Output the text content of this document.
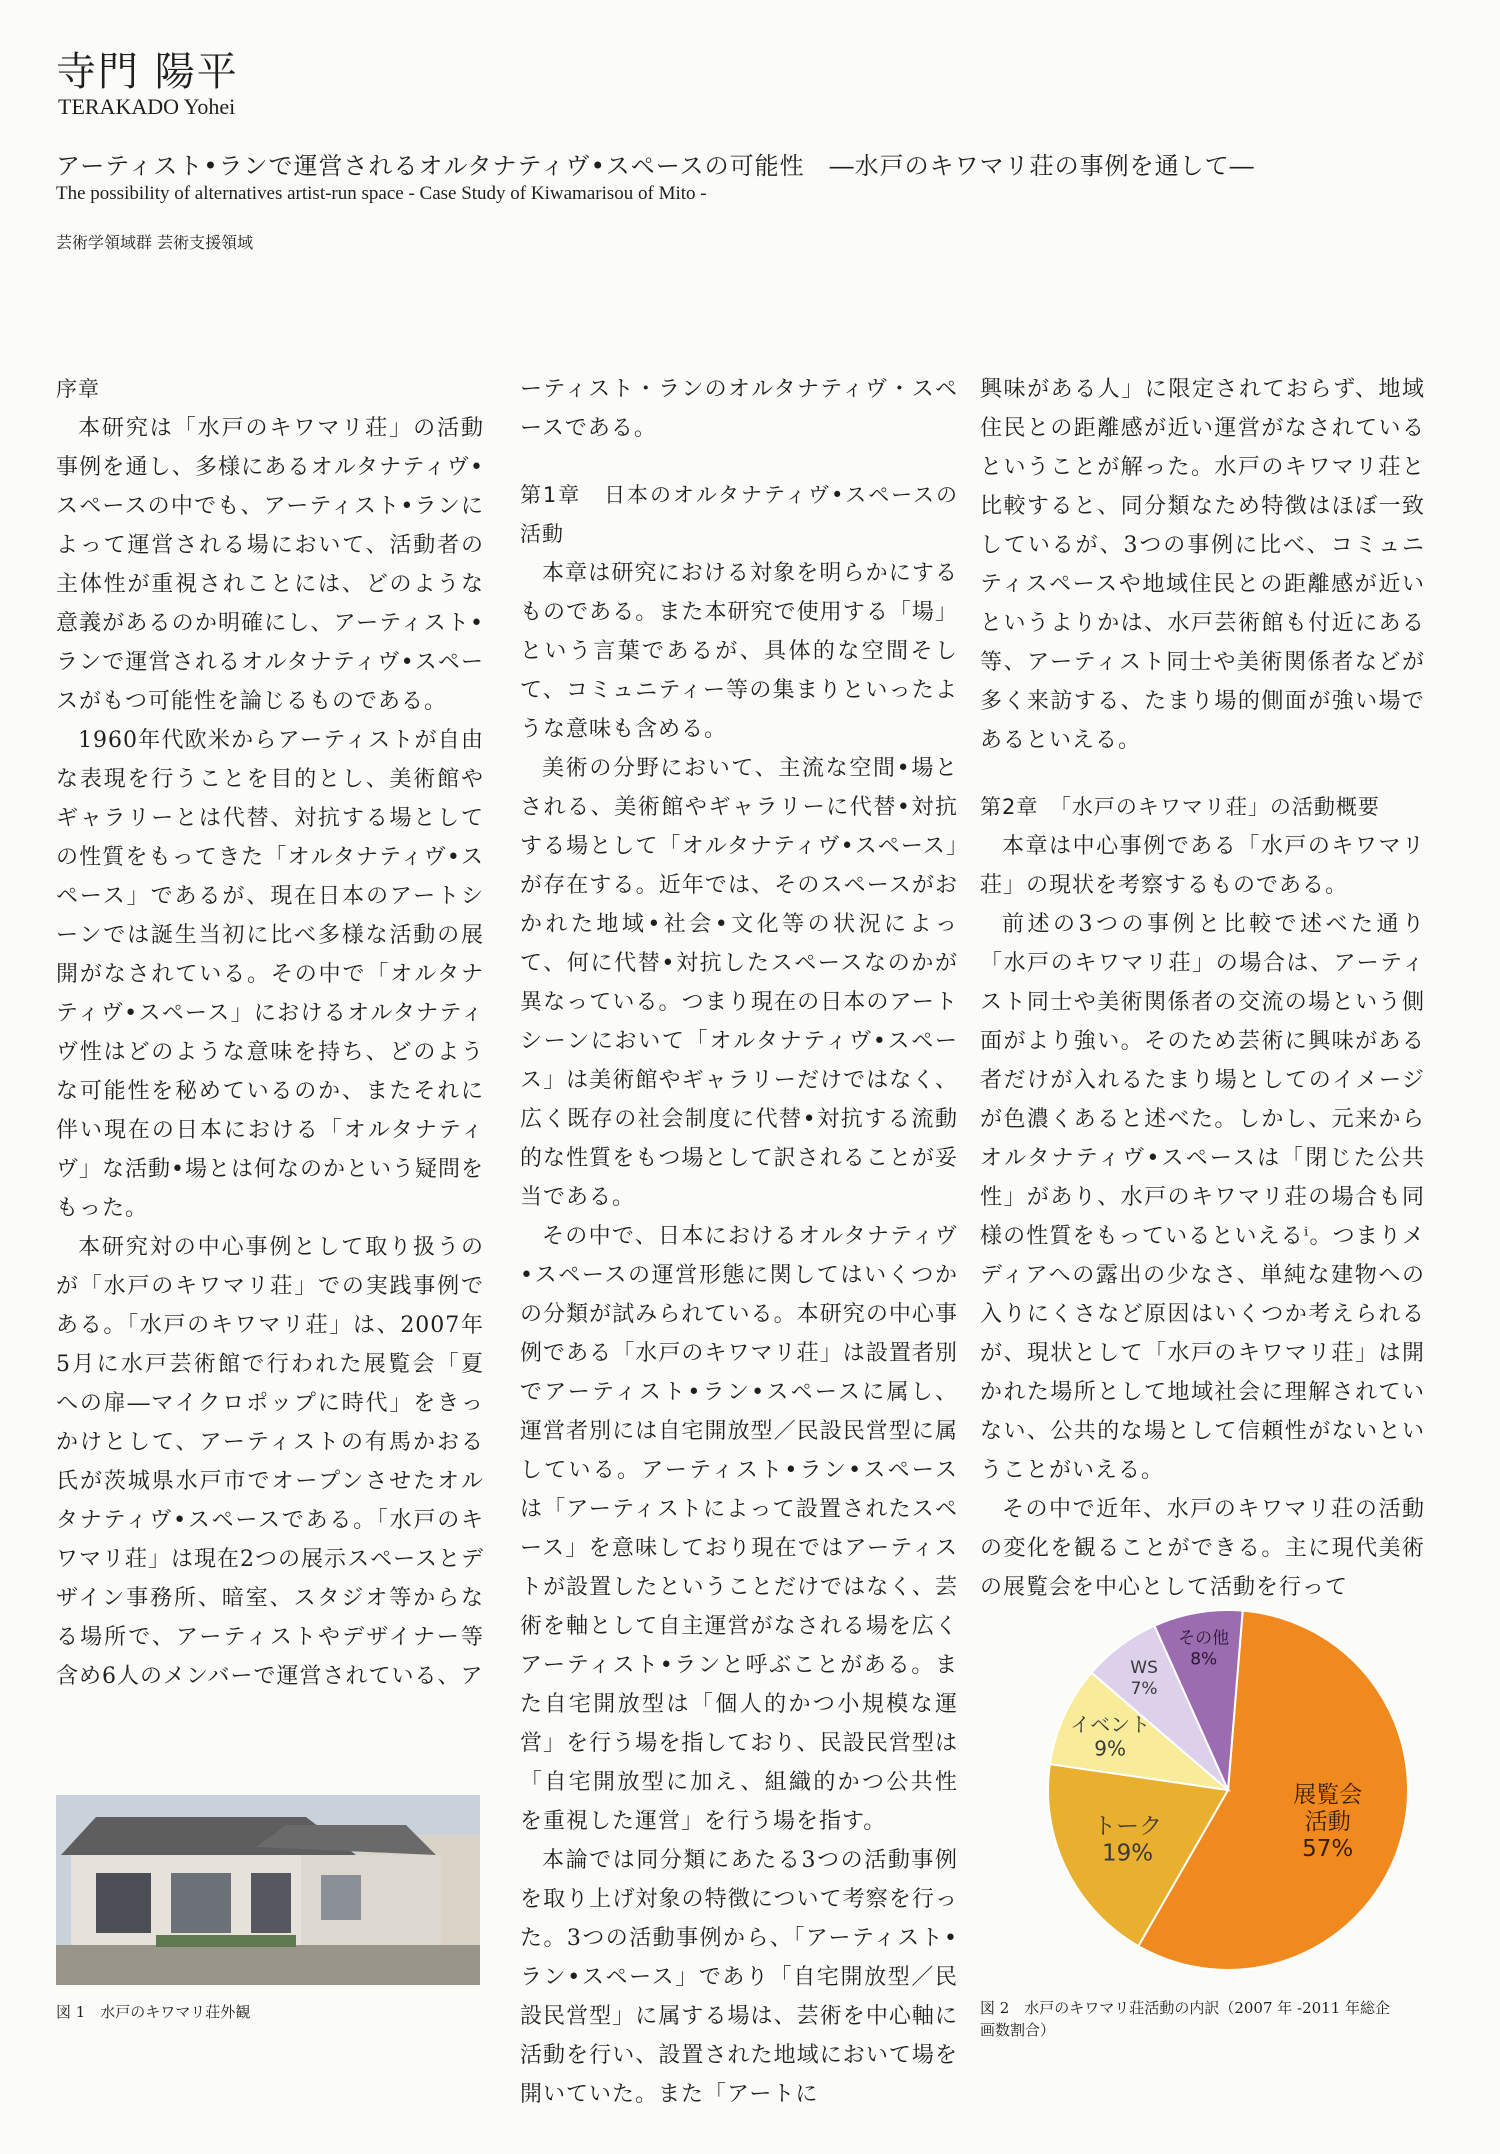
寺門 陽平
TERAKADO Yohei
アーティスト•ランで運営されるオルタナティヴ•スペースの可能性　―水戸のキワマリ荘の事例を通して―
The possibility of alternatives artist-run space - Case Study of Kiwamarisou of Mito -
芸術学領域群 芸術支援領域
序章

本研究は「水戸のキワマリ荘」の活動事例を通し、多様にあるオルタナティヴ•スペースの中でも、アーティスト•ランによって運営される場において、活動者の主体性が重視されことには、どのような意義があるのか明確にし、アーティスト•ランで運営されるオルタナティヴ•スペースがもつ可能性を論じるものである。

1960年代欧米からアーティストが自由な表現を行うことを目的とし、美術館やギャラリーとは代替、対抗する場としての性質をもってきた「オルタナティヴ•スペース」であるが、現在日本のアートシーンでは誕生当初に比べ多様な活動の展開がなされている。その中で「オルタナティヴ•スペース」におけるオルタナティヴ性はどのような意味を持ち、どのような可能性を秘めているのか、またそれに伴い現在の日本における「オルタナティヴ」な活動•場とは何なのかという疑問をもった。

本研究対の中心事例として取り扱うのが「水戸のキワマリ荘」での実践事例である。「水戸のキワマリ荘」は、2007年5月に水戸芸術館で行われた展覧会「夏への扉―マイクロポップに時代」をきっかけとして、アーティストの有馬かおる氏が茨城県水戸市でオープンさせたオルタナティヴ•スペースである。「水戸のキワマリ荘」は現在2つの展示スペースとデザイン事務所、暗室、スタジオ等からなる場所で、アーティストやデザイナー等含め6人のメンバーで運営されている、ア

ーティスト・ランのオルタナティヴ・スペースである。

第1章　日本のオルタナティヴ•スペースの活動

本章は研究における対象を明らかにするものである。また本研究で使用する「場」という言葉であるが、具体的な空間そして、コミュニティー等の集まりといったような意味も含める。

美術の分野において、主流な空間•場とされる、美術館やギャラリーに代替•対抗する場として「オルタナティヴ•スペース」が存在する。近年では、そのスペースがおかれた地域•社会•文化等の状況によって、何に代替•対抗したスペースなのかが異なっている。つまり現在の日本のアートシーンにおいて「オルタナティヴ•スペース」は美術館やギャラリーだけではなく、広く既存の社会制度に代替•対抗する流動的な性質をもつ場として訳されることが妥当である。

その中で、日本におけるオルタナティヴ•スペースの運営形態に関してはいくつかの分類が試みられている。本研究の中心事例である「水戸のキワマリ荘」は設置者別でアーティスト•ラン•スペースに属し、運営者別には自宅開放型／民設民営型に属している。アーティスト•ラン•スペースは「アーティストによって設置されたスペース」を意味しており現在ではアーティストが設置したということだけではなく、芸術を軸として自主運営がなされる場を広くアーティスト•ランと呼ぶことがある。また自宅開放型は「個人的かつ小規模な運営」を行う場を指しており、民設民営型は「自宅開放型に加え、組織的かつ公共性を重視した運営」を行う場を指す。

本論では同分類にあたる3つの活動事例を取り上げ対象の特徴について考察を行った。3つの活動事例から、「アーティスト•ラン•スペース」であり「自宅開放型／民設民営型」に属する場は、芸術を中心軸に活動を行い、設置された地域において場を開いていた。また「アートに

興味がある人」に限定されておらず、地域住民との距離感が近い運営がなされているということが解った。水戸のキワマリ荘と比較すると、同分類なため特徴はほぼ一致しているが、3つの事例に比べ、コミュニティスペースや地域住民との距離感が近いというよりかは、水戸芸術館も付近にある等、アーティスト同士や美術関係者などが多く来訪する、たまり場的側面が強い場であるといえる。

第2章　「水戸のキワマリ荘」の活動概要

本章は中心事例である「水戸のキワマリ荘」の現状を考察するものである。

前述の3つの事例と比較で述べた通り「水戸のキワマリ荘」の場合は、アーティスト同士や美術関係者の交流の場という側面がより強い。そのため芸術に興味がある者だけが入れるたまり場としてのイメージが色濃くあると述べた。しかし、元来からオルタナティヴ•スペースは「閉じた公共性」があり、水戸のキワマリ荘の場合も同様の性質をもっているといえるⁱ。つまりメディアへの露出の少なさ、単純な建物への入りにくさなど原因はいくつか考えられるが、現状として「水戸のキワマリ荘」は開かれた場所として地域社会に理解されていない、公共的な場として信頼性がないということがいえる。

その中で近年、水戸のキワマリ荘の活動の変化を観ることができる。主に現代美術の展覧会を中心として活動を行って

図 1　水戸のキワマリ荘外観
展覧会
活動
57%
トーク
19%
イベント
9%
WS
7%
その他
8%
図 2　水戸のキワマリ荘活動の内訳（2007 年 -2011 年総企画数割合）
